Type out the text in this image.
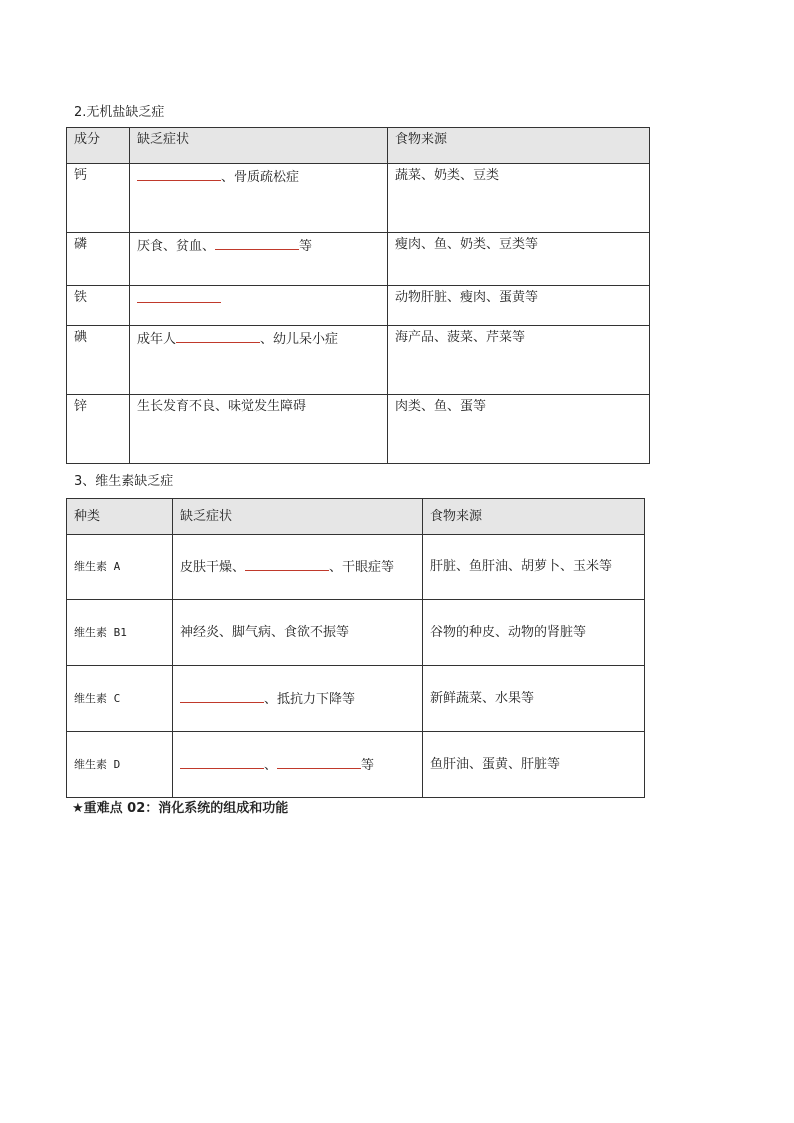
2.无机盐缺乏症
成分	缺乏症状	食物来源
钙	、骨质疏松症	蔬菜、奶类、豆类
磷	厌食、贫血、 等	瘦肉、鱼、奶类、豆类等
铁		动物肝脏、瘦肉、蛋黄等
碘	成年人 、幼儿呆小症	海产品、菠菜、芹菜等
锌	生长发育不良、味觉发生障碍	肉类、鱼、蛋等
3、维生素缺乏症
种类	缺乏症状	食物来源
维生素 A	皮肤干燥、 、干眼症等	肝脏、鱼肝油、胡萝卜、玉米等
维生素 B1	神经炎、脚气病、食欲不振等	谷物的种皮、动物的肾脏等
维生素 C	、抵抗力下降等	新鲜蔬菜、水果等
维生素 D	、 等	鱼肝油、蛋黄、肝脏等
★重难点 02：消化系统的组成和功能
